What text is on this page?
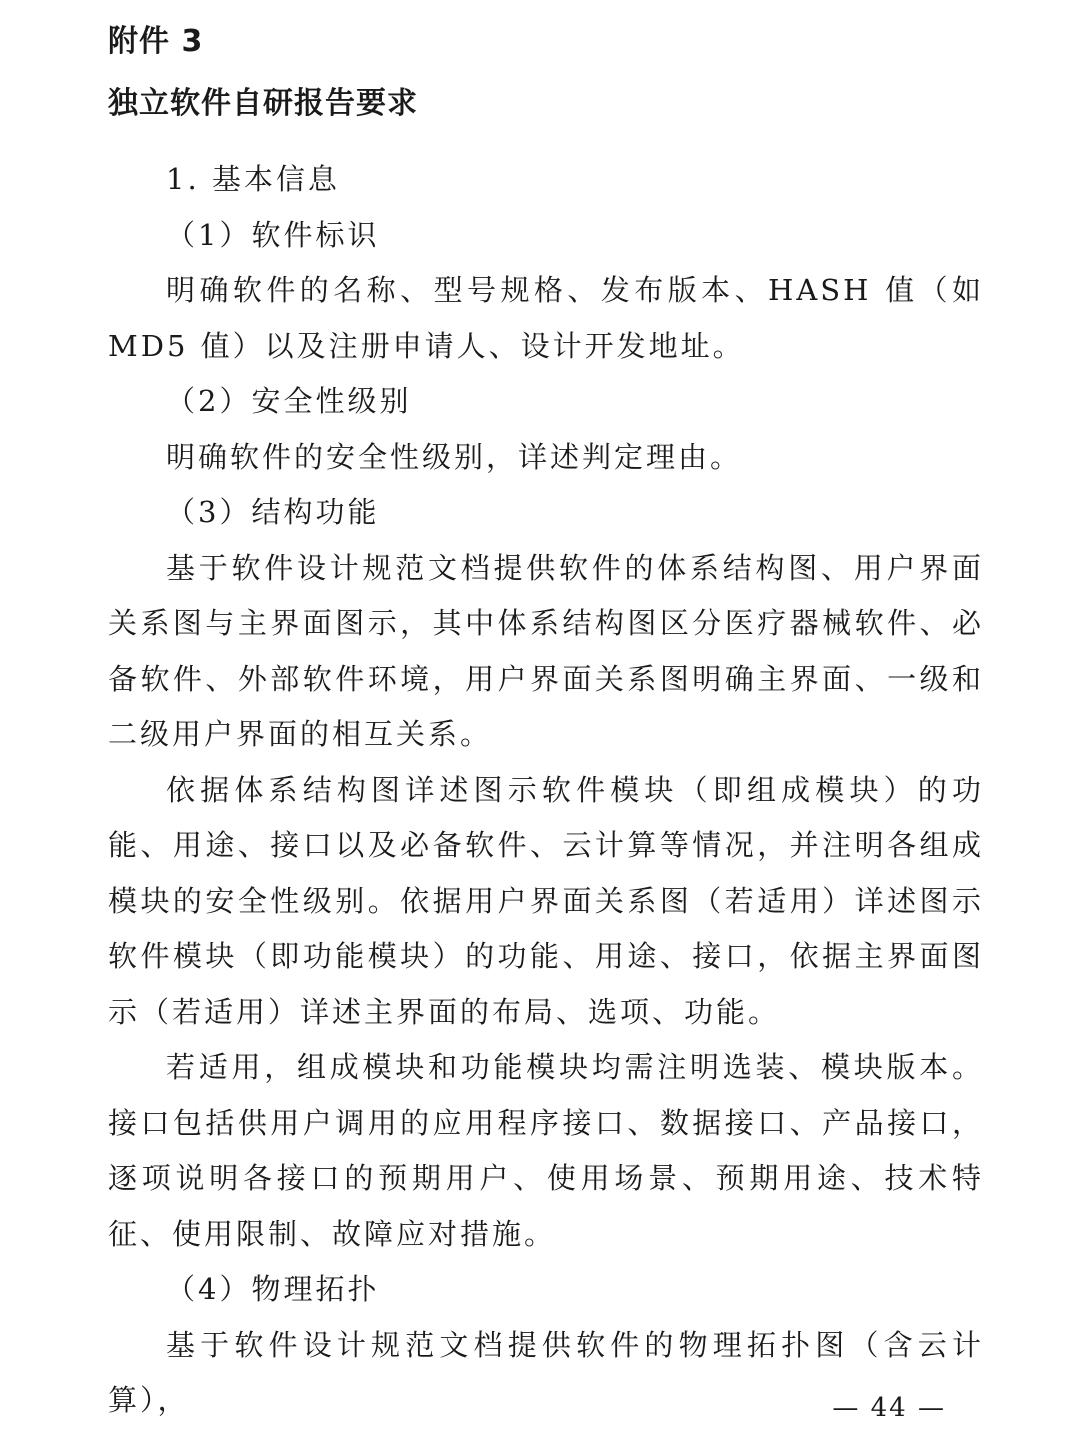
附件 3
独立软件自研报告要求

1. 基本信息

（1）软件标识

明确软件的名称、型号规格、发布版本、HASH 值（如 MD5 值）以及注册申请人、设计开发地址。

（2）安全性级别

明确软件的安全性级别，详述判定理由。

（3）结构功能

基于软件设计规范文档提供软件的体系结构图、用户界面关系图与主界面图示，其中体系结构图区分医疗器械软件、必备软件、外部软件环境，用户界面关系图明确主界面、一级和二级用户界面的相互关系。

依据体系结构图详述图示软件模块（即组成模块）的功能、用途、接口以及必备软件、云计算等情况，并注明各组成模块的安全性级别。依据用户界面关系图（若适用）详述图示软件模块（即功能模块）的功能、用途、接口，依据主界面图示（若适用）详述主界面的布局、选项、功能。

若适用，组成模块和功能模块均需注明选装、模块版本。接口包括供用户调用的应用程序接口、数据接口、产品接口，逐项说明各接口的预期用户、使用场景、预期用途、技术特征、使用限制、故障应对措施。

（4）物理拓扑

基于软件设计规范文档提供软件的物理拓扑图（含云计算），	— 44 —
